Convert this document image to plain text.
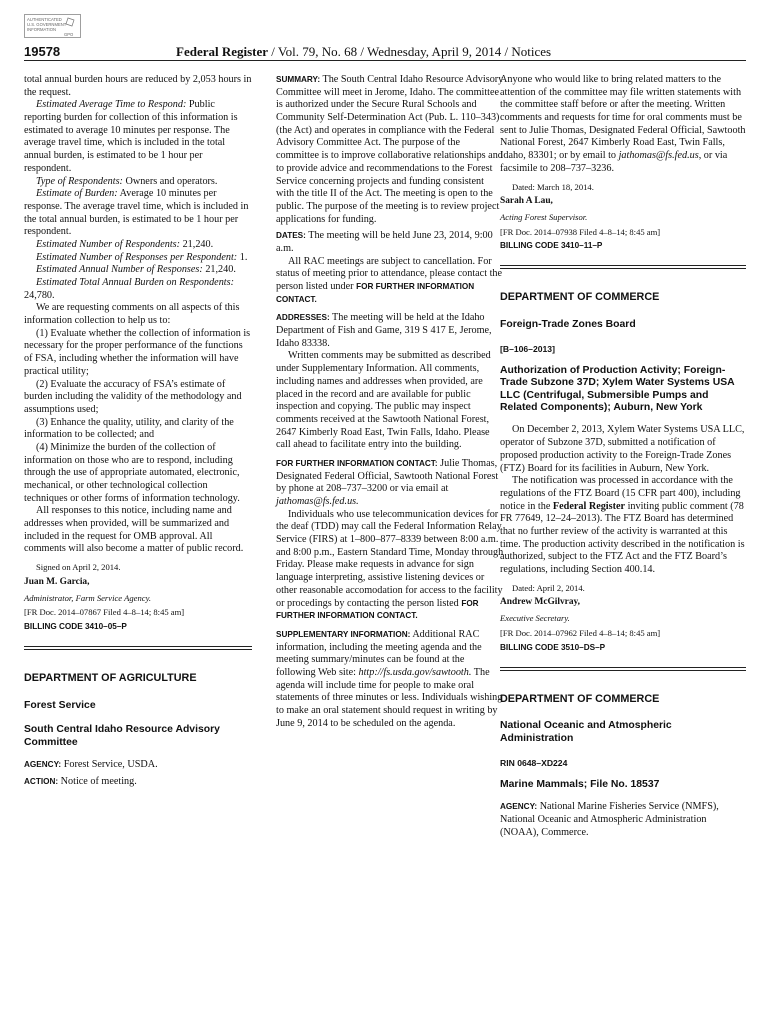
AUTHENTICATED
U.S. GOVERNMENT
INFORMATION
GPO
19578	Federal Register / Vol. 79, No. 68 / Wednesday, April 9, 2014 / Notices

total annual burden hours are reduced by 2,053 hours in the request.

Estimated Average Time to Respond: Public reporting burden for collection of this information is estimated to average 10 minutes per response. The average travel time, which is included in the total annual burden, is estimated to be 1 hour per respondent.

Type of Respondents: Owners and operators.

Estimate of Burden: Average 10 minutes per response. The average travel time, which is included in the total annual burden, is estimated to be 1 hour per respondent.

Estimated Number of Respondents: 21,240.

Estimated Number of Responses per Respondent: 1.

Estimated Annual Number of Responses: 21,240.

Estimated Total Annual Burden on Respondents: 24,780.

We are requesting comments on all aspects of this information collection to help us to:

(1) Evaluate whether the collection of information is necessary for the proper performance of the functions of FSA, including whether the information will have practical utility;

(2) Evaluate the accuracy of FSA’s estimate of burden including the validity of the methodology and assumptions used;

(3) Enhance the quality, utility, and clarity of the information to be collected; and

(4) Minimize the burden of the collection of information on those who are to respond, including through the use of appropriate automated, electronic, mechanical, or other technological collection techniques or other forms of information technology.

All responses to this notice, including name and addresses when provided, will be summarized and included in the request for OMB approval. All comments will also become a matter of public record.

Signed on April 2, 2014.

Juan M. Garcia,

Administrator, Farm Service Agency.

[FR Doc. 2014–07867 Filed 4–8–14; 8:45 am]

BILLING CODE 3410–05–P

DEPARTMENT OF AGRICULTURE

Forest Service

South Central Idaho Resource Advisory Committee

AGENCY: Forest Service, USDA.

ACTION: Notice of meeting.

SUMMARY: The South Central Idaho Resource Advisory Committee will meet in Jerome, Idaho. The committee is authorized under the Secure Rural Schools and Community Self-Determination Act (Pub. L. 110–343) (the Act) and operates in compliance with the Federal Advisory Committee Act. The purpose of the committee is to improve collaborative relationships and to provide advice and recommendations to the Forest Service concerning projects and funding consistent with the title II of the Act. The meeting is open to the public. The purpose of the meeting is to review project applications for funding.

DATES: The meeting will be held June 23, 2014, 9:00 a.m.

All RAC meetings are subject to cancellation. For status of meeting prior to attendance, please contact the person listed under FOR FURTHER INFORMATION CONTACT.

ADDRESSES: The meeting will be held at the Idaho Department of Fish and Game, 319 S 417 E, Jerome, Idaho 83338.

Written comments may be submitted as described under Supplementary Information. All comments, including names and addresses when provided, are placed in the record and are available for public inspection and copying. The public may inspect comments received at the Sawtooth National Forest, 2647 Kimberly Road East, Twin Falls, Idaho. Please call ahead to facilitate entry into the building.

FOR FURTHER INFORMATION CONTACT: Julie Thomas, Designated Federal Official, Sawtooth National Forest by phone at 208–737–3200 or via email at jathomas@fs.fed.us.

Individuals who use telecommunication devices for the deaf (TDD) may call the Federal Information Relay Service (FIRS) at 1–800–877–8339 between 8:00 a.m. and 8:00 p.m., Eastern Standard Time, Monday through Friday. Please make requests in advance for sign language interpreting, assistive listening devices or other reasonable accomodation for access to the facility or procedings by contacting the person listed FOR FURTHER INFORMATION CONTACT.

SUPPLEMENTARY INFORMATION: Additional RAC information, including the meeting agenda and the meeting summary/minutes can be found at the following Web site: http://fs.usda.gov/sawtooth. The agenda will include time for people to make oral statements of three minutes or less. Individuals wishing to make an oral statement should request in writing by June 9, 2014 to be scheduled on the agenda.

Anyone who would like to bring related matters to the attention of the committee may file written statements with the committee staff before or after the meeting. Written comments and requests for time for oral comments must be sent to Julie Thomas, Designated Federal Official, Sawtooth National Forest, 2647 Kimberly Road East, Twin Falls, Idaho, 83301; or by email to jathomas@fs.fed.us, or via facsimile to 208–737–3236.

Dated: March 18, 2014.

Sarah A Lau,

Acting Forest Supervisor.

[FR Doc. 2014–07938 Filed 4–8–14; 8:45 am]

BILLING CODE 3410–11–P

DEPARTMENT OF COMMERCE

Foreign-Trade Zones Board

[B–106–2013]

Authorization of Production Activity; Foreign-Trade Subzone 37D; Xylem Water Systems USA LLC (Centrifugal, Submersible Pumps and Related Components); Auburn, New York

On December 2, 2013, Xylem Water Systems USA LLC, operator of Subzone 37D, submitted a notification of proposed production activity to the Foreign-Trade Zones (FTZ) Board for its facilities in Auburn, New York.

The notification was processed in accordance with the regulations of the FTZ Board (15 CFR part 400), including notice in the Federal Register inviting public comment (78 FR 77649, 12–24–2013). The FTZ Board has determined that no further review of the activity is warranted at this time. The production activity described in the notification is authorized, subject to the FTZ Act and the FTZ Board’s regulations, including Section 400.14.

Dated: April 2, 2014.

Andrew McGilvray,

Executive Secretary.

[FR Doc. 2014–07962 Filed 4–8–14; 8:45 am]

BILLING CODE 3510–DS–P

DEPARTMENT OF COMMERCE

National Oceanic and Atmospheric Administration

RIN 0648–XD224

Marine Mammals; File No. 18537

AGENCY: National Marine Fisheries Service (NMFS), National Oceanic and Atmospheric Administration (NOAA), Commerce.
